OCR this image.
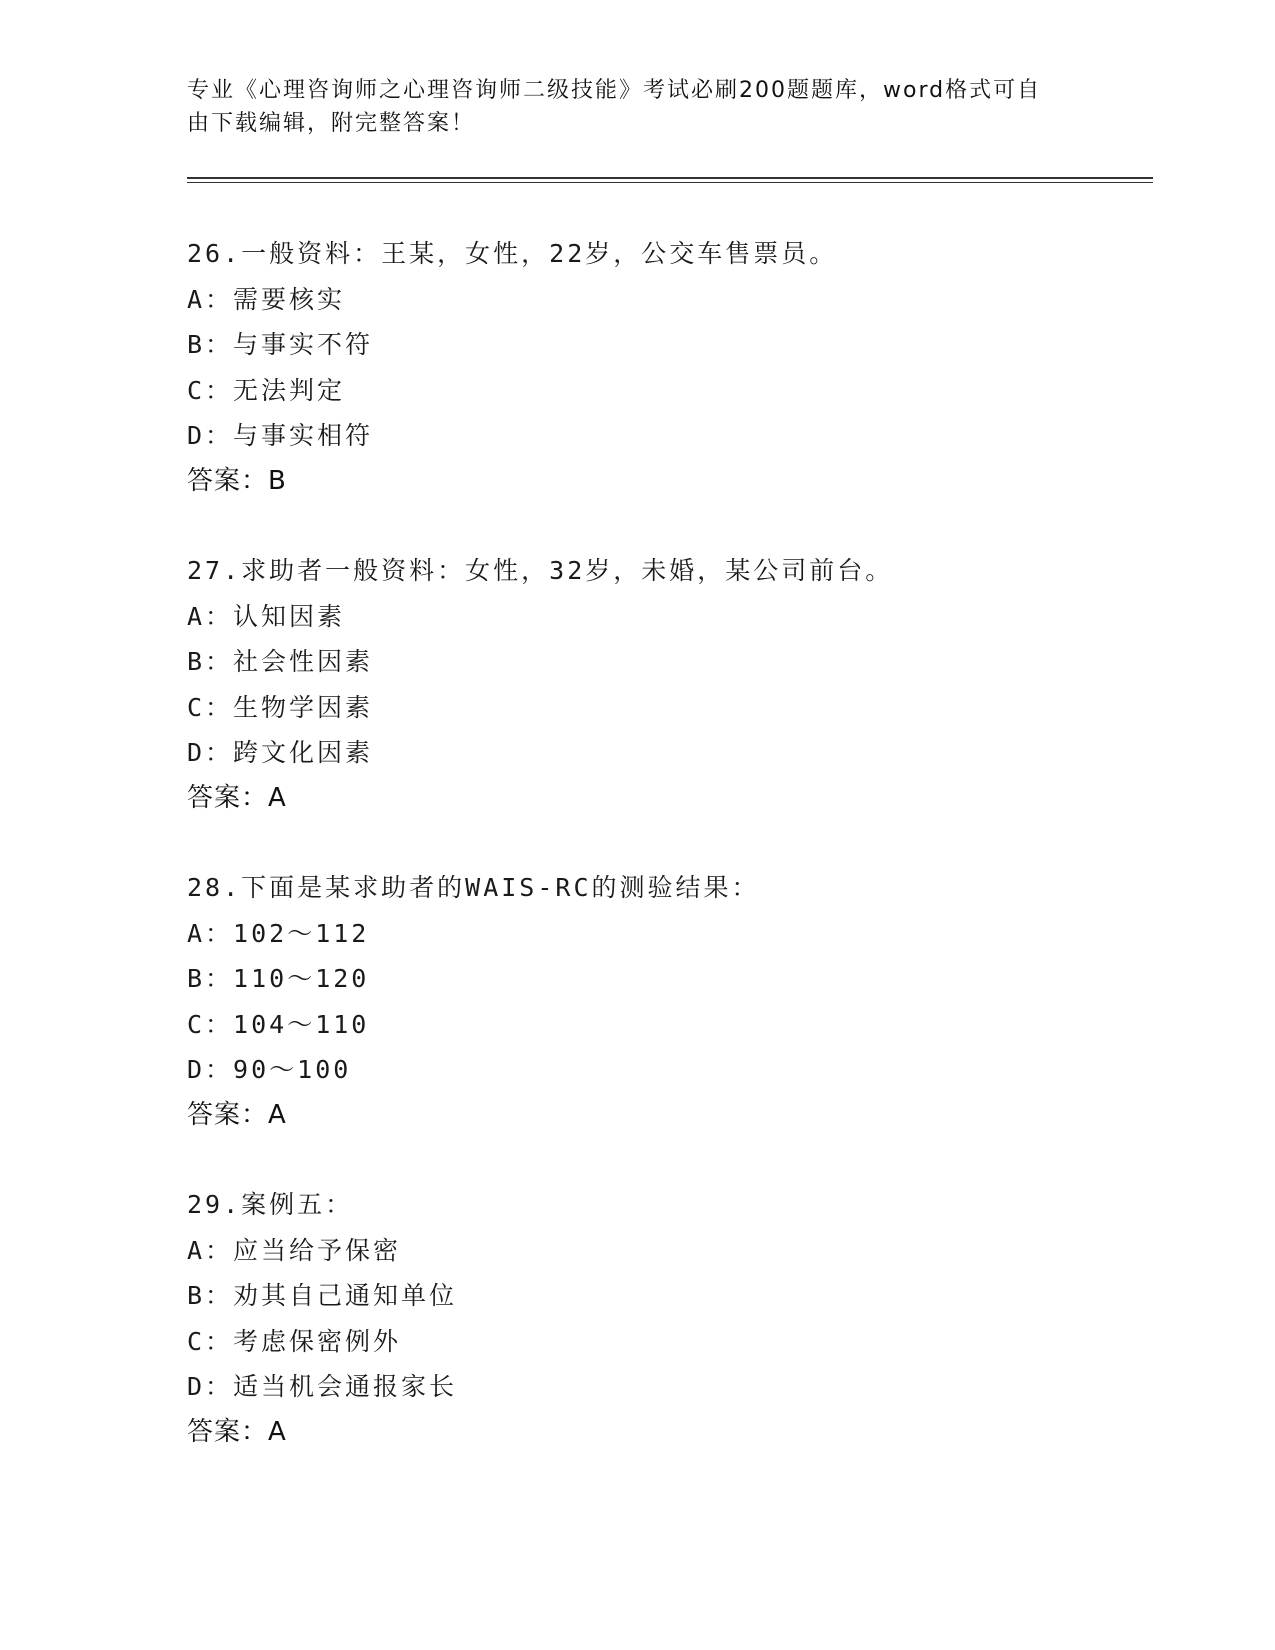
专业《心理咨询师之心理咨询师二级技能》考试必刷200题题库，word格式可自
由下载编辑，附完整答案！
26.一般资料：王某，女性，22岁，公交车售票员。
A：需要核实
B：与事实不符
C：无法判定
D：与事实相符
答案：B
27.求助者一般资料：女性，32岁，未婚，某公司前台。
A：认知因素
B：社会性因素
C：生物学因素
D：跨文化因素
答案：A
28.下面是某求助者的WAIS-RC的测验结果：
A：102～112
B：110～120
C：104～110
D：90～100
答案：A
29.案例五：
A：应当给予保密
B：劝其自己通知单位
C：考虑保密例外
D：适当机会通报家长
答案：A
